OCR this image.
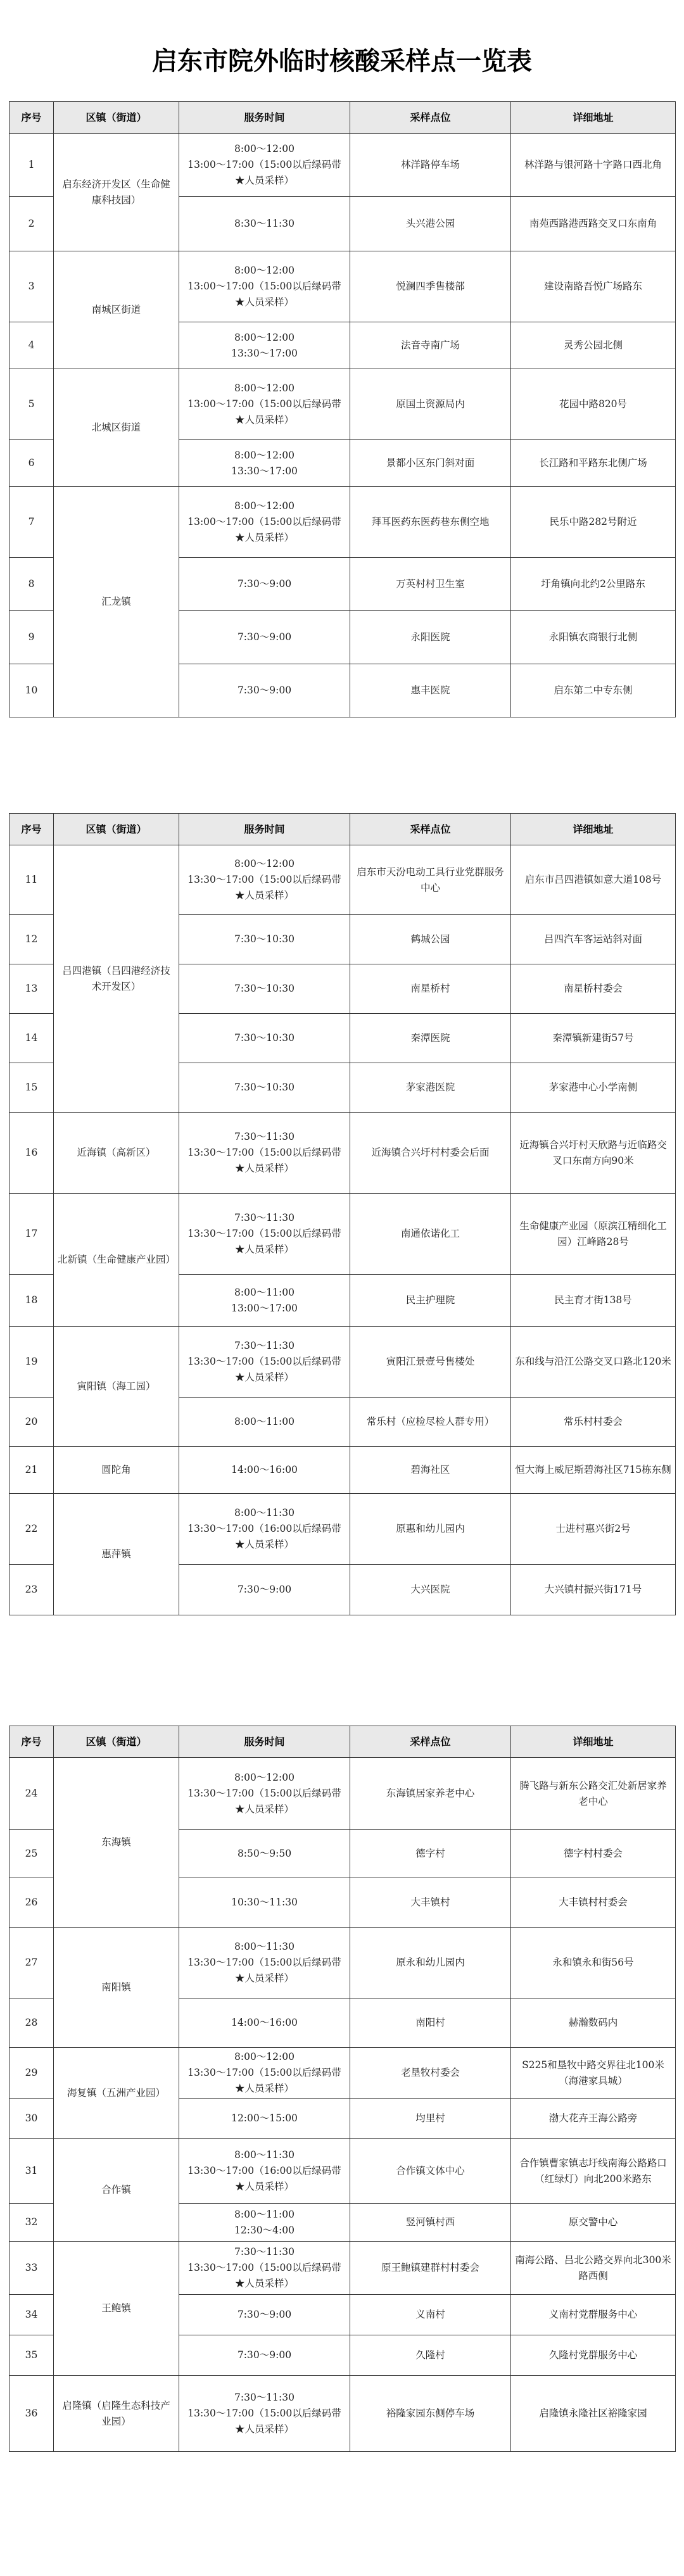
启东市院外临时核酸采样点一览表
序号	区镇（街道）	服务时间	采样点位	详细地址
1	启东经济开发区（生命健康科技园）	8:00～12:00
13:00～17:00（15:00以后绿码带★人员采样）	林洋路停车场	林洋路与银河路十字路口西北角
2		8:30～11:30	头兴港公园	南苑西路港西路交叉口东南角
3	南城区街道	8:00～12:00
13:00～17:00（15:00以后绿码带★人员采样）	悦澜四季售楼部	建设南路吾悦广场路东
4		8:00～12:00
13:30～17:00	法音寺南广场	灵秀公园北侧
5	北城区街道	8:00～12:00
13:00～17:00（15:00以后绿码带★人员采样）	原国土资源局内	花园中路820号
6		8:00～12:00
13:30～17:00	景都小区东门斜对面	长江路和平路东北侧广场
7	汇龙镇	8:00～12:00
13:00～17:00（15:00以后绿码带★人员采样）	拜耳医药东医药巷东侧空地	民乐中路282号附近
8		7:30～9:00	万英村村卫生室	圩角镇向北约2公里路东
9		7:30～9:00	永阳医院	永阳镇农商银行北侧
10		7:30～9:00	惠丰医院	启东第二中专东侧
序号	区镇（街道）	服务时间	采样点位	详细地址
11	吕四港镇（吕四港经济技术开发区）	8:00～12:00
13:30～17:00（15:00以后绿码带★人员采样）	启东市天汾电动工具行业党群服务中心	启东市吕四港镇如意大道108号
12		7:30～10:30	鹤城公园	吕四汽车客运站斜对面
13		7:30～10:30	南星桥村	南星桥村委会
14		7:30～10:30	秦潭医院	秦潭镇新建街57号
15		7:30～10:30	茅家港医院	茅家港中心小学南侧
16	近海镇（高新区）	7:30～11:30
13:30～17:00（15:00以后绿码带★人员采样）	近海镇合兴圩村村委会后面	近海镇合兴圩村天欣路与近临路交叉口东南方向90米
17	北新镇（生命健康产业园）	7:30～11:30
13:30～17:00（15:00以后绿码带★人员采样）	南通依诺化工	生命健康产业园（原滨江精细化工园）江峰路28号
18		8:00～11:00
13:00～17:00	民主护理院	民主育才街138号
19	寅阳镇（海工园）	7:30～11:30
13:30～17:00（15:00以后绿码带★人员采样）	寅阳江景壹号售楼处	东和线与沿江公路交叉口路北120米
20		8:00～11:00	常乐村（应检尽检人群专用）	常乐村村委会
21	圆陀角	14:00～16:00	碧海社区	恒大海上威尼斯碧海社区715栋东侧
22	惠萍镇	8:00～11:30
13:30～17:00（16:00以后绿码带★人员采样）	原惠和幼儿园内	士进村惠兴街2号
23		7:30～9:00	大兴医院	大兴镇村振兴街171号
序号	区镇（街道）	服务时间	采样点位	详细地址
24	东海镇	8:00～12:00
13:30～17:00（15:00以后绿码带★人员采样）	东海镇居家养老中心	腾飞路与新东公路交汇处新居家养老中心
25		8:50～9:50	德字村	德字村村委会
26		10:30～11:30	大丰镇村	大丰镇村村委会
27	南阳镇	8:00～11:30
13:30～17:00（15:00以后绿码带★人员采样）	原永和幼儿园内	永和镇永和街56号
28		14:00～16:00	南阳村	赫瀚数码内
29	海复镇（五洲产业园）	8:00～12:00
13:30～17:00（15:00以后绿码带★人员采样）	老垦牧村委会	S225和垦牧中路交界往北100米（海港家具城）
30		12:00～15:00	均里村	渤大花卉王海公路旁
31	合作镇	8:00～11:30
13:30～17:00（16:00以后绿码带★人员采样）	合作镇文体中心	合作镇曹家镇志圩线南海公路路口（红绿灯）向北200米路东
32		8:00～11:00
12:30～4:00	竖河镇村西	原交警中心
33	王鲍镇	7:30～11:30
13:30～17:00（15:00以后绿码带★人员采样）	原王鲍镇建群村村委会	南海公路、吕北公路交界向北300米路西侧
34		7:30～9:00	义南村	义南村党群服务中心
35		7:30～9:00	久隆村	久隆村党群服务中心
36	启隆镇（启隆生态科技产业园）	7:30～11:30
13:30～17:00（15:00以后绿码带★人员采样）	裕隆家园东侧停车场	启隆镇永隆社区裕隆家园
